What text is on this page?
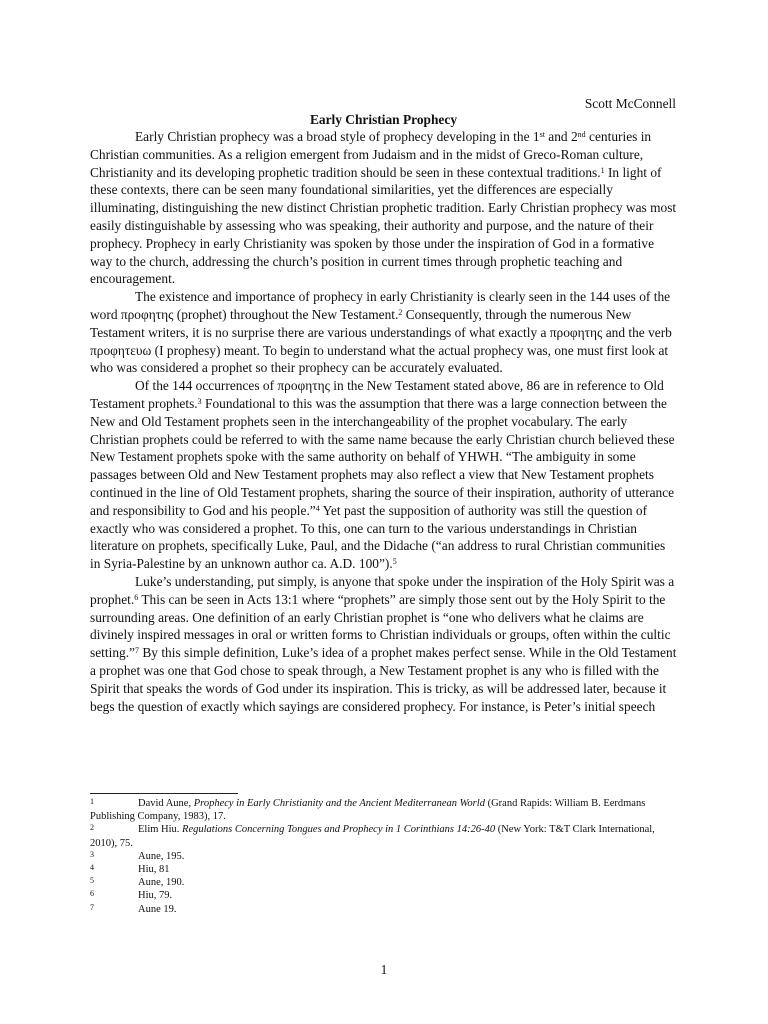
Scott McConnell
Early Christian Prophecy

Early Christian prophecy was a broad style of prophecy developing in the 1st and 2nd centuries in Christian communities. As a religion emergent from Judaism and in the midst of Greco-Roman culture, Christianity and its developing prophetic tradition should be seen in these contextual traditions.$^1$ In light of these contexts, there can be seen many foundational similarities, yet the differences are especially illuminating, distinguishing the new distinct Christian prophetic tradition. Early Christian prophecy was most easily distinguishable by assessing who was speaking, their authority and purpose, and the nature of their prophecy. Prophecy in early Christianity was spoken by those under the inspiration of God in a formative way to the church, addressing the church’s position in current times through prophetic teaching and encouragement.

The existence and importance of prophecy in early Christianity is clearly seen in the 144 uses of the word προφητης (prophet) throughout the New Testament.$^2$ Consequently, through the numerous New Testament writers, it is no surprise there are various understandings of what exactly a προφητης and the verb προφητευω (I prophesy) meant. To begin to understand what the actual prophecy was, one must first look at who was considered a prophet so their prophecy can be accurately evaluated.

Of the 144 occurrences of προφητης in the New Testament stated above, 86 are in reference to Old Testament prophets.$^3$ Foundational to this was the assumption that there was a large connection between the New and Old Testament prophets seen in the interchangeability of the prophet vocabulary. The early Christian prophets could be referred to with the same name because the early Christian church believed these New Testament prophets spoke with the same authority on behalf of YHWH. “The ambiguity in some passages between Old and New Testament prophets may also reflect a view that New Testament prophets continued in the line of Old Testament prophets, sharing the source of their inspiration, authority of utterance and responsibility to God and his people.”$^4$ Yet past the supposition of authority was still the question of exactly who was considered a prophet. To this, one can turn to the various understandings in Christian literature on prophets, specifically Luke, Paul, and the Didache (“an address to rural Christian communities in Syria-Palestine by an unknown author ca. A.D. 100”).$^5$

Luke’s understanding, put simply, is anyone that spoke under the inspiration of the Holy Spirit was a prophet.$^6$ This can be seen in Acts 13:1 where “prophets” are simply those sent out by the Holy Spirit to the surrounding areas. One definition of an early Christian prophet is “one who delivers what he claims are divinely inspired messages in oral or written forms to Christian individuals or groups, often within the cultic setting.”$^7$ By this simple definition, Luke’s idea of a prophet makes perfect sense. While in the Old Testament a prophet was one that God chose to speak through, a New Testament prophet is any who is filled with the Spirit that speaks the words of God under its inspiration. This is tricky, as will be addressed later, because it begs the question of exactly which sayings are considered prophecy. For instance, is Peter’s initial speech

1	David Aune, Prophecy in Early Christianity and the Ancient Mediterranean World (Grand Rapids: William B. Eerdmans Publishing Company, 1983), 17.
2	Elim Hiu. Regulations Concerning Tongues and Prophecy in 1 Corinthians 14:26-40 (New York: T&T Clark International, 2010), 75.
3	Aune, 195.
4	Hiu, 81
5	Aune, 190.
6	Hiu, 79.
7	Aune 19.
1
